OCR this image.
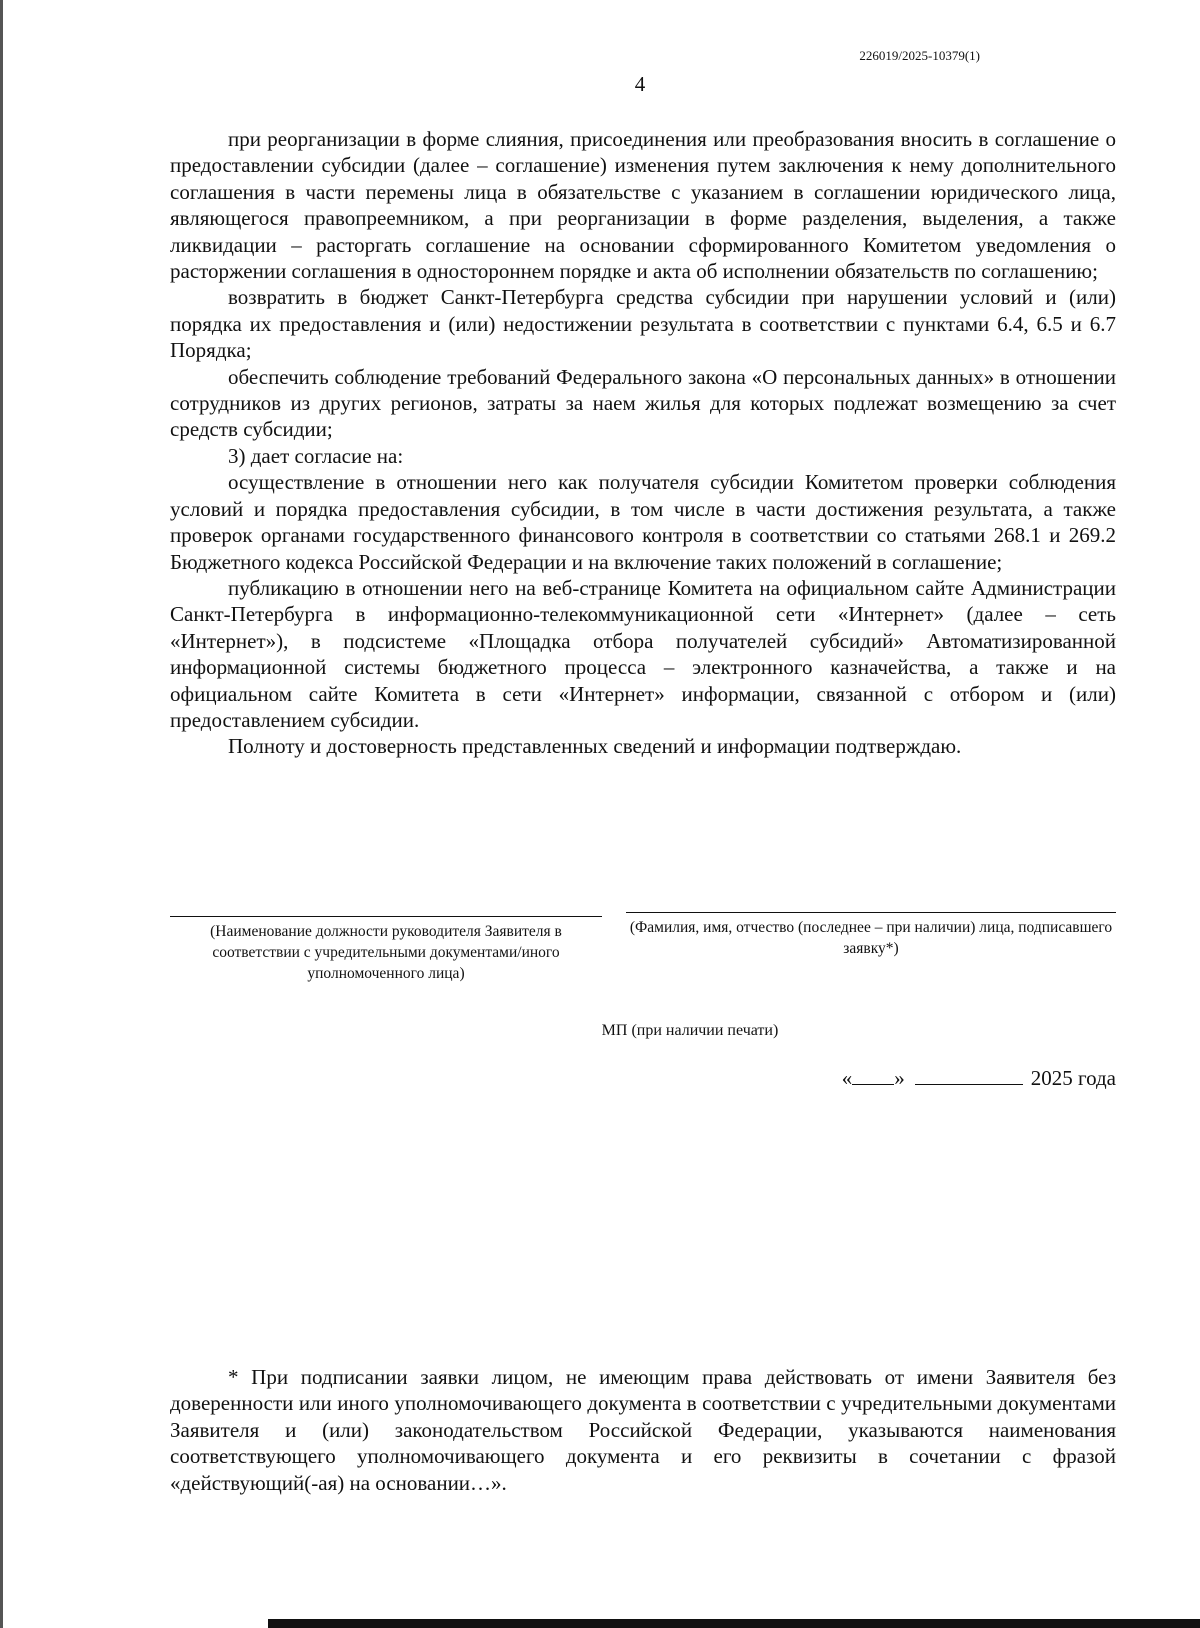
226019/2025-10379(1)
4

при реорганизации в форме слияния, присоединения или преобразования вносить в соглашение о предоставлении субсидии (далее – соглашение) изменения путем заключения к нему дополнительного соглашения в части перемены лица в обязательстве с указанием в соглашении юридического лица, являющегося правопреемником, а при реорганизации в форме разделения, выделения, а также ликвидации – расторгать соглашение на основании сформированного Комитетом уведомления о расторжении соглашения в одностороннем порядке и акта об исполнении обязательств по соглашению;

возвратить в бюджет Санкт-Петербурга средства субсидии при нарушении условий и (или) порядка их предоставления и (или) недостижении результата в соответствии с пунктами 6.4, 6.5 и 6.7 Порядка;

обеспечить соблюдение требований Федерального закона «О персональных данных» в отношении сотрудников из других регионов, затраты за наем жилья для которых подлежат возмещению за счет средств субсидии;

3) дает согласие на:

осуществление в отношении него как получателя субсидии Комитетом проверки соблюдения условий и порядка предоставления субсидии, в том числе в части достижения результата, а также проверок органами государственного финансового контроля в соответствии со статьями 268.1 и 269.2 Бюджетного кодекса Российской Федерации и на включение таких положений в соглашение;

публикацию в отношении него на веб-странице Комитета на официальном сайте Администрации Санкт-Петербурга в информационно-телекоммуникационной сети «Интернет» (далее – сеть «Интернет»), в подсистеме «Площадка отбора получателей субсидий» Автоматизированной информационной системы бюджетного процесса – электронного казначейства, а также и на официальном сайте Комитета в сети «Интернет» информации, связанной с отбором и (или) предоставлением субсидии.

Полноту и достоверность представленных сведений и информации подтверждаю.

(Наименование должности руководителя Заявителя в соответствии с учредительными документами/иного уполномоченного лица)
(Фамилия, имя, отчество (последнее – при наличии) лица, подписавшего заявку*)
МП (при наличии печати)
« »	2025 года

* При подписании заявки лицом, не имеющим права действовать от имени Заявителя без доверенности или иного уполномочивающего документа в соответствии с учредительными документами Заявителя и (или) законодательством Российской Федерации, указываются наименования соответствующего уполномочивающего документа и его реквизиты в сочетании с фразой «действующий(-ая) на основании…».
